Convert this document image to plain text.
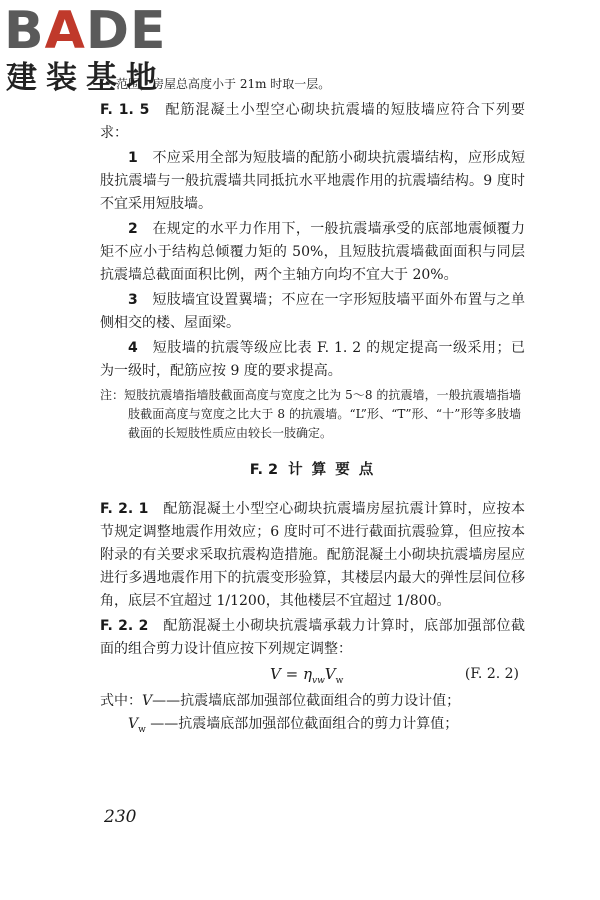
BADE
建装基地

范围，房屋总高度小于 21m 时取一层。

F. 1. 5　 配筋混凝土小型空心砌块抗震墙的短肢墙应符合下列要求：

1　 不应采用全部为短肢墙的配筋小砌块抗震墙结构，应形成短肢抗震墙与一般抗震墙共同抵抗水平地震作用的抗震墙结构。9 度时不宜采用短肢墙。

2　 在规定的水平力作用下，一般抗震墙承受的底部地震倾覆力矩不应小于结构总倾覆力矩的 50%，且短肢抗震墙截面面积与同层抗震墙总截面面积比例，两个主轴方向均不宜大于 20%。

3　 短肢墙宜设置翼墙；不应在一字形短肢墙平面外布置与之单侧相交的楼、屋面梁。

4　 短肢墙的抗震等级应比表 F. 1. 2 的规定提高一级采用；已为一级时，配筋应按 9 度的要求提高。

注：短肢抗震墙指墙肢截面高度与宽度之比为 5～8 的抗震墙，一般抗震墙指墙肢截面高度与宽度之比大于 8 的抗震墙。“L”形、“T”形、“十”形等多肢墙截面的长短肢性质应由较长一肢确定。

F. 2 计 算 要 点

F. 2. 1　 配筋混凝土小型空心砌块抗震墙房屋抗震计算时，应按本节规定调整地震作用效应；6 度时可不进行截面抗震验算，但应按本附录的有关要求采取抗震构造措施。配筋混凝土小砌块抗震墙房屋应进行多遇地震作用下的抗震变形验算，其楼层内最大的弹性层间位移角，底层不宜超过 1/1200，其他楼层不宜超过 1/800。

F. 2. 2　 配筋混凝土小砌块抗震墙承载力计算时，底部加强部位截面的组合剪力设计值应按下列规定调整：

$V = \eta_{vw}V_w$	(F. 2. 2)

式中：V——抗震墙底部加强部位截面组合的剪力设计值；

$V_w$ ——抗震墙底部加强部位截面组合的剪力计算值；

230
